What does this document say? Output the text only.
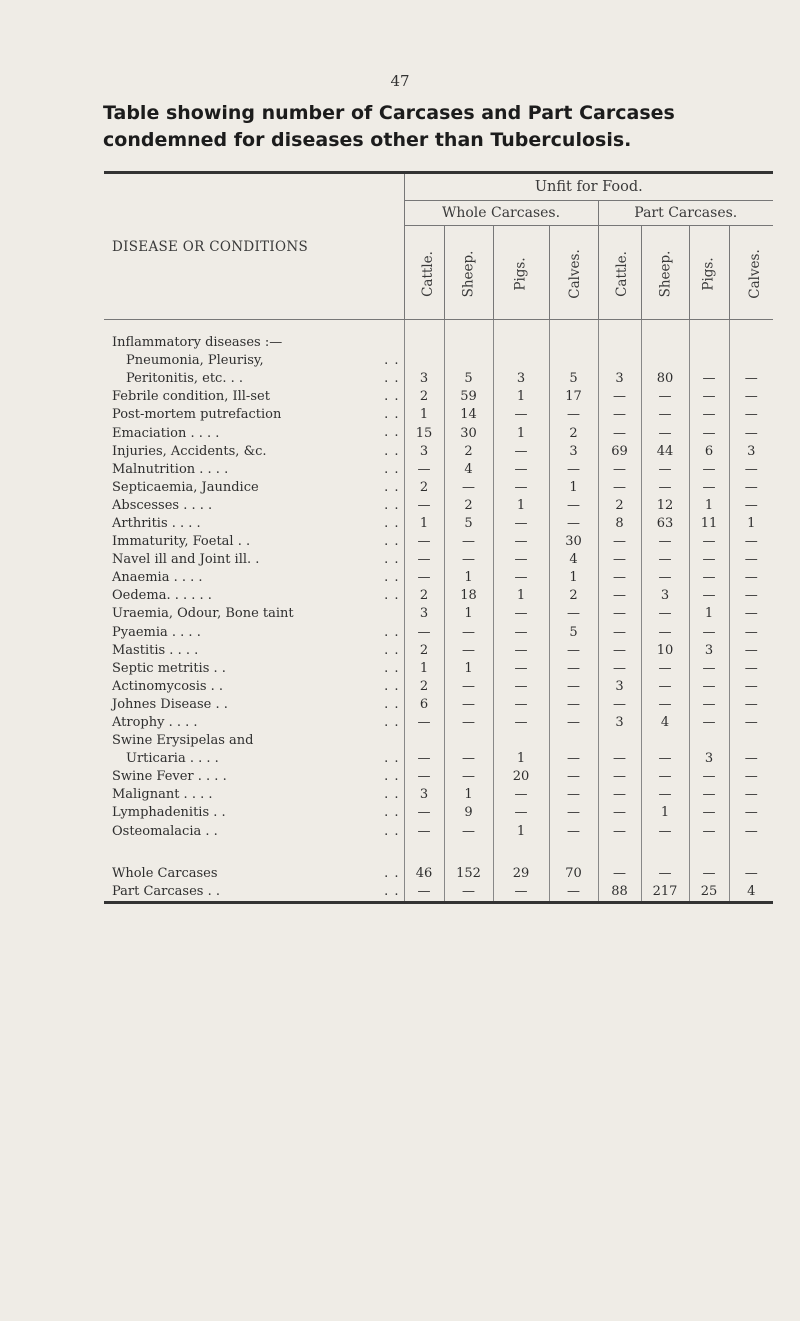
47
Table showing number of Carcases and Part Carcases condemned for diseases other than Tuberculosis.
DISEASE OR CONDITIONS	Unfit for Food.							
	Whole Carcases.				Part Carcases.			
	Cattle.	Sheep.	Pigs.	Calves.	Cattle.	Sheep.	Pigs.	Calves.

Inflammatory diseases :—

Pneumonia, Pleurisy, . .								

Peritonitis, etc. . . . .	3	5	3	5	3	80	—	—
Febrile condition, Ill-set . .	2	59	1	17	—	—	—	—
Post-mortem putrefaction . .	1	14	—	—	—	—	—	—
Emaciation . . . . . .	15	30	1	2	—	—	—	—
Injuries, Accidents, &c. . .	3	2	—	3	69	44	6	3
Malnutrition . . . . . .	—	4	—	—	—	—	—	—
Septicaemia, Jaundice . .	2	—	—	1	—	—	—	—
Abscesses . . . . . .	—	2	1	—	2	12	1	—
Arthritis . . . . . .	1	5	—	—	8	63	11	1
Immaturity, Foetal . . . .	—	—	—	30	—	—	—	—
Navel ill and Joint ill. . . .	—	—	—	4	—	—	—	—
Anaemia . . . . . .	—	1	—	1	—	—	—	—
Oedema. . . . . . . .	2	18	1	2	—	3	—	—
Uraemia, Odour, Bone taint	3	1	—	—	—	—	1	—
Pyaemia . . . . . .	—	—	—	5	—	—	—	—
Mastitis . . . . . .	2	—	—	—	—	10	3	—
Septic metritis . . . .	1	1	—	—	—	—	—	—
Actinomycosis . . . .	2	—	—	—	3	—	—	—
Johnes Disease . . . .	6	—	—	—	—	—	—	—
Atrophy . . . . . .	—	—	—	—	3	4	—	—
Swine Erysipelas and

Urticaria . . . . . .	—	—	1	—	—	—	3	—
Swine Fever . . . . . .	—	—	20	—	—	—	—	—
Malignant . . . . . .	3	1	—	—	—	—	—	—
Lymphadenitis . . . .	—	9	—	—	—	1	—	—
Osteomalacia . . . .	—	—	1	—	—	—	—	—

Whole Carcases . .	46	152	29	70	—	—	—	—
Part Carcases . . . .	—	—	—	—	88	217	25	4
